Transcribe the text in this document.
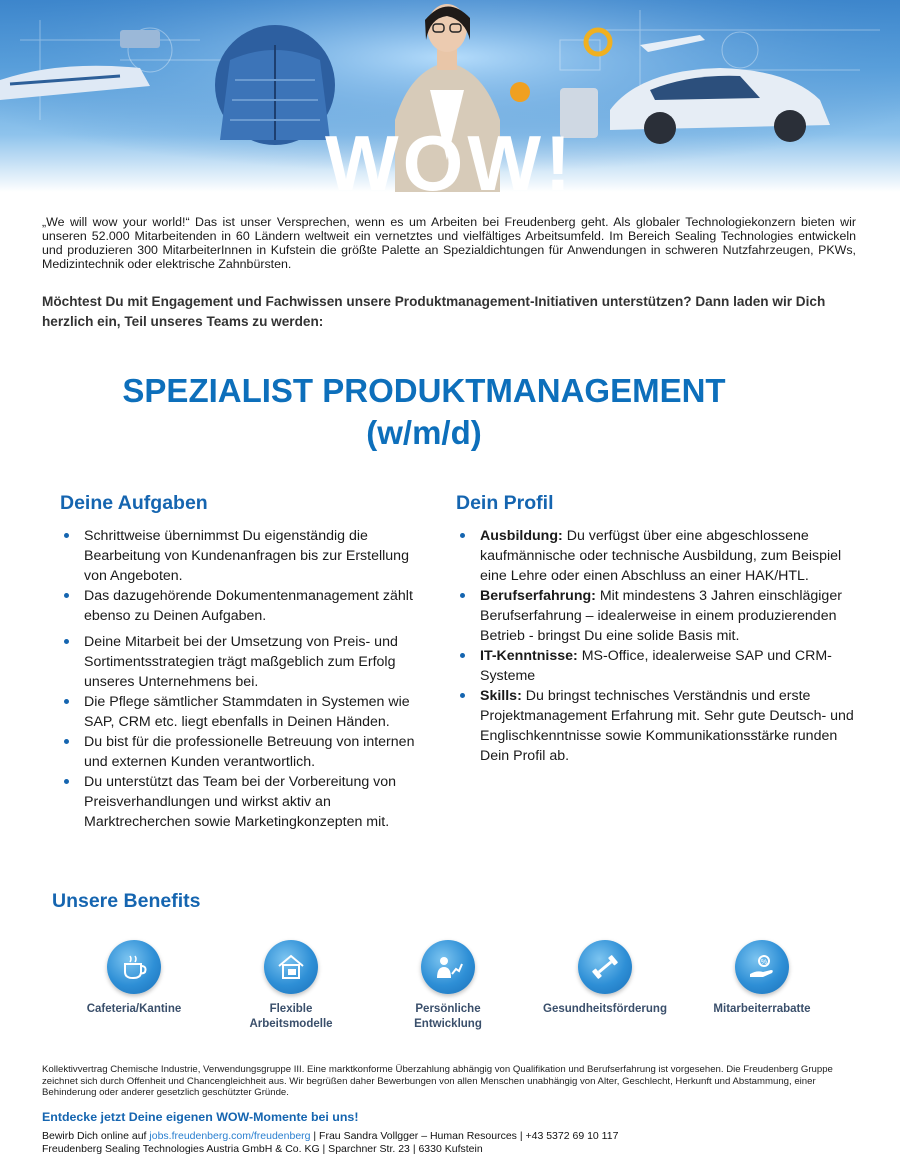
WOW!

„We will wow your world!“ Das ist unser Versprechen, wenn es um Arbeiten bei Freudenberg geht. Als globaler Technologiekonzern bieten wir unseren 52.000 Mitarbeitenden in 60 Ländern weltweit ein vernetztes und vielfältiges Arbeitsumfeld. Im Bereich Sealing Technologies entwickeln und produzieren 300 MitarbeiterInnen in Kufstein die größte Palette an Spezialdichtungen für Anwendungen in schweren Nutzfahrzeugen, PKWs, Medizintechnik oder elektrische Zahnbürsten.

Möchtest Du mit Engagement und Fachwissen unsere Produktmanagement-Initiativen unterstützen? Dann laden wir Dich herzlich ein, Teil unseres Teams zu werden:

SPEZIALIST PRODUKTMANAGEMENT
(w/m/d)
Deine Aufgaben
Schrittweise übernimmst Du eigenständig die Bearbeitung von Kundenanfragen bis zur Erstellung von Angeboten.
Das dazugehörende Dokumentenmanagement zählt ebenso zu Deinen Aufgaben.
Deine Mitarbeit bei der Umsetzung von Preis- und Sortimentsstrategien trägt maßgeblich zum Erfolg unseres Unternehmens bei.
Die Pflege sämtlicher Stammdaten in Systemen wie SAP, CRM etc. liegt ebenfalls in Deinen Händen.
Du bist für die professionelle Betreuung von internen und externen Kunden verantwortlich.
Du unterstützt das Team bei der Vorbereitung von Preisverhandlungen und wirkst aktiv an Marktrecherchen sowie Marketingkonzepten mit.
Dein Profil
Ausbildung: Du verfügst über eine abgeschlossene kaufmännische oder technische Ausbildung, zum Beispiel eine Lehre oder einen Abschluss an einer HAK/HTL.
Berufserfahrung: Mit mindestens 3 Jahren einschlägiger Berufserfahrung – idealerweise in einem produzierenden Betrieb - bringst Du eine solide Basis mit.
IT-Kenntnisse: MS-Office, idealerweise SAP und CRM-Systeme
Skills: Du bringst technisches Verständnis und erste Projektmanagement Erfahrung mit. Sehr gute Deutsch- und Englischkenntnisse sowie Kommunikationsstärke runden Dein Profil ab.
Unsere Benefits
Cafeteria/Kantine	Flexible
Arbeitsmodelle
Persönliche
Entwicklung
Gesundheitsförderung
%
Mitarbeiterrabatte

Kollektivvertrag Chemische Industrie, Verwendungsgruppe III. Eine marktkonforme Überzahlung abhängig von Qualifikation und Berufserfahrung ist vorgesehen. Die Freudenberg Gruppe zeichnet sich durch Offenheit und Chancengleichheit aus. Wir begrüßen daher Bewerbungen von allen Menschen unabhängig von Alter, Geschlecht, Herkunft und Abstammung, einer Behinderung oder anderer gesetzlich geschützter Gründe.

Entdecke jetzt Deine eigenen WOW-Momente bei uns!

Bewirb Dich online auf jobs.freudenberg.com/freudenberg | Frau Sandra Vollgger – Human Resources | +43 5372 69 10 117
Freudenberg Sealing Technologies Austria GmbH & Co. KG | Sparchner Str. 23 | 6330 Kufstein
